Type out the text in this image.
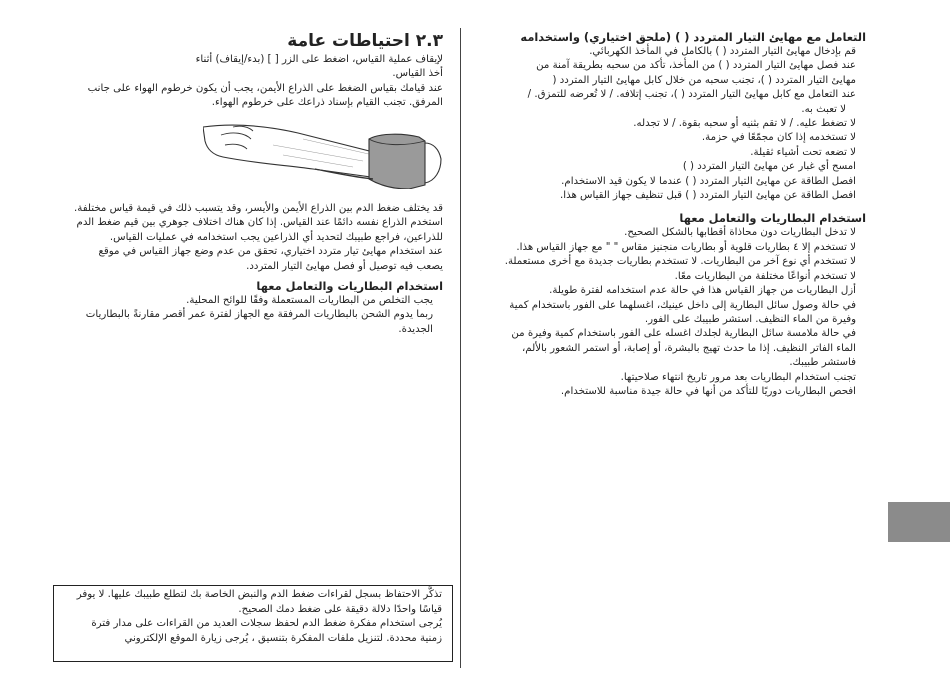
التعامل مع مهايئ التيار المتردد ( ) (ملحق اختياري) واستخدامه

قم بإدخال مهايئ التيار المتردد ( ) بالكامل في المأخذ الكهربائي.

عند فصل مهايئ التيار المتردد ( ) من المأخذ، تأكد من سحبه بطريقة آمنة من

مهايئ التيار المتردد ( )، تجنب سحبه من خلال كابل مهايئ التيار المتردد (

عند التعامل مع كابل مهايئ التيار المتردد ( )، تجنب إتلافه. / لا تُعرضه للتمزق. /

لا تعبث به.

لا تضغط عليه. / لا تقم بثنيه أو سحبه بقوة. / لا تجدله.

لا تستخدمه إذا كان مجمّعًا في حزمة.

لا تضعه تحت أشياء ثقيلة.

امسح أي غبار عن مهايئ التيار المتردد ( )

افصل الطاقة عن مهايئ التيار المتردد ( ) عندما لا يكون قيد الاستخدام.

افصل الطاقة عن مهايئ التيار المتردد ( ) قبل تنظيف جهاز القياس هذا.

استخدام البطاريات والتعامل معها

لا تدخل البطاريات دون محاذاة أقطابها بالشكل الصحيح.

لا تستخدم إلا ٤ بطاريات قلوية أو بطاريات منجنيز مقاس " " مع جهاز القياس هذا.

لا تستخدم أي نوع آخر من البطاريات. لا تستخدم بطاريات جديدة مع أخرى مستعملة.

لا تستخدم أنواعًا مختلفة من البطاريات معًا.

أزل البطاريات من جهاز القياس هذا في حالة عدم استخدامه لفترة طويلة.

في حالة وصول سائل البطارية إلى داخل عينيك، اغسلهما على الفور باستخدام كمية

وفيرة من الماء النظيف. استشر طبيبك على الفور.

في حالة ملامسة سائل البطارية لجلدك اغسله على الفور باستخدام كمية وفيرة من

الماء الفاتر النظيف. إذا ما حدث تهيج بالبشرة، أو إصابة، أو استمر الشعور بالألم،

فاستشر طبيبك.

تجنب استخدام البطاريات بعد مرور تاريخ انتهاء صلاحيتها.

افحص البطاريات دوريًا للتأكد من أنها في حالة جيدة مناسبة للاستخدام.

٢.٣ احتياطات عامة

لإيقاف عملية القياس، اضغط على الزر [ ] (بدء/إيقاف) أثناء

أخذ القياس.

عند قيامك بقياس الضغط على الذراع الأيمن، يجب أن يكون خرطوم الهواء على جانب

المرفق. تجنب القيام بإسناد ذراعك على خرطوم الهواء.

قد يختلف ضغط الدم بين الذراع الأيمن والأيسر، وقد يتسبب ذلك في قيمة قياس مختلفة.

استخدم الذراع نفسه دائمًا عند القياس. إذا كان هناك اختلاف جوهري بين قيم ضغط الدم

للذراعين، فراجع طبيبك لتحديد أي الذراعين يجب استخدامه في عمليات القياس.

عند استخدام مهايئ تيار متردد اختياري، تحقق من عدم وضع جهاز القياس في موقع

يصعب فيه توصيل أو فصل مهايئ التيار المتردد.

استخدام البطاريات والتعامل معها

يجب التخلص من البطاريات المستعملة وفقًا للوائح المحلية.

ربما يدوم الشحن بالبطاريات المرفقة مع الجهاز لفترة عمر أقصر مقارنةً بالبطاريات

الجديدة.

تذكَّر الاحتفاظ بسجل لقراءات ضغط الدم والنبض الخاصة بك لتطلع طبيبك عليها. لا يوفر

قياسًا واحدًا دلالة دقيقة على ضغط دمك الصحيح.

يُرجى استخدام مفكرة ضغط الدم لحفظ سجلات العديد من القراءات على مدار فترة

زمنية محددة. لتنزيل ملفات المفكرة بتنسيق ، يُرجى زيارة الموقع الإلكتروني
